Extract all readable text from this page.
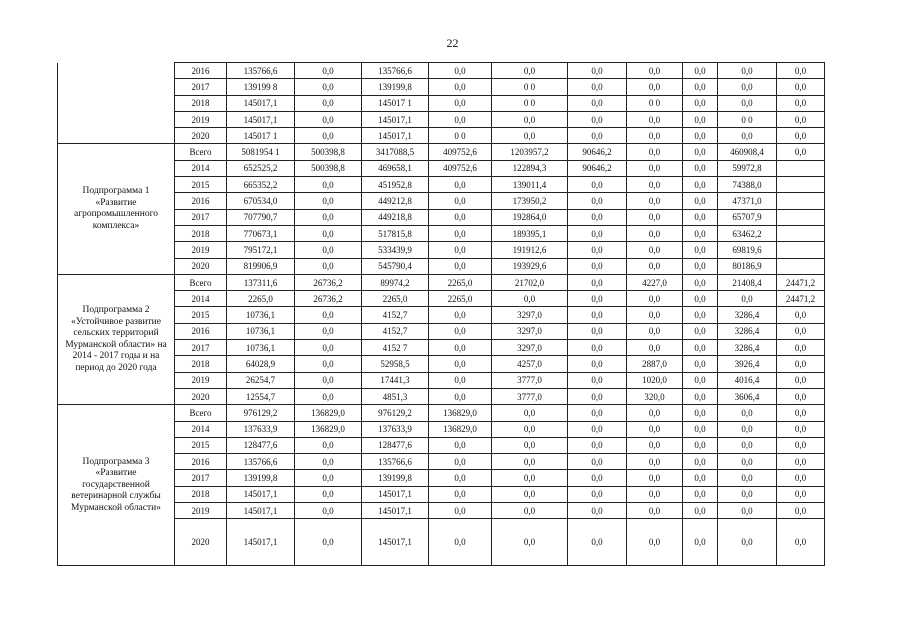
22
	2016	135766,6	0,0	135766,6	0,0	0,0	0,0	0,0	0,0	0,0	0,0
	2017	139199 8	0,0	139199,8	0,0	0 0	0,0	0,0	0,0	0,0	0,0
	2018	145017,1	0,0	145017 1	0,0	0 0	0,0	0 0	0,0	0,0	0,0
	2019	145017,1	0,0	145017,1	0,0	0,0	0,0	0,0	0,0	0 0	0,0
	2020	145017 1	0,0	145017,1	0 0	0,0	0,0	0,0	0,0	0,0	0,0
Подпрограмма 1 «Развитие агропромышленного комплекса»	Всего	5081954 1	500398,8	3417088,5	409752,6	1203957,2	90646,2	0,0	0,0	460908,4	0,0
	2014	652525,2	500398,8	469658,1	409752,6	122894,3	90646,2	0,0	0,0	59972,8	
	2015	665352,2	0,0	451952,8	0,0	139011,4	0,0	0,0	0,0	74388,0	
	2016	670534,0	0,0	449212,8	0,0	173950,2	0,0	0,0	0,0	47371,0	
	2017	707790,7	0,0	449218,8	0,0	192864,0	0,0	0,0	0,0	65707,9	
	2018	770673,1	0,0	517815,8	0,0	189395,1	0,0	0,0	0,0	63462,2	
	2019	795172,1	0,0	533439,9	0,0	191912,6	0,0	0,0	0,0	69819,6	
	2020	819906,9	0,0	545790,4	0,0	193929,6	0,0	0,0	0,0	80186,9	
Подпрограмма 2 «Устойчивое развитие сельских территорий Мурманской области» на 2014 - 2017 годы и на период до 2020 года	Всего	137311,6	26736,2	89974,2	2265,0	21702,0	0,0	4227,0	0,0	21408,4	24471,2
	2014	2265,0	26736,2	2265,0	2265,0	0,0	0,0	0,0	0,0	0,0	24471,2
	2015	10736,1	0,0	4152,7	0,0	3297,0	0,0	0,0	0,0	3286,4	0,0
	2016	10736,1	0,0	4152,7	0,0	3297,0	0,0	0,0	0,0	3286,4	0,0
	2017	10736,1	0,0	4152 7	0,0	3297,0	0,0	0,0	0,0	3286,4	0,0
	2018	64028,9	0,0	52958,5	0,0	4257,0	0,0	2887,0	0,0	3926,4	0,0
	2019	26254,7	0,0	17441,3	0,0	3777,0	0,0	1020,0	0,0	4016,4	0,0
	2020	12554,7	0,0	4851,3	0,0	3777,0	0,0	320,0	0,0	3606,4	0,0
Подпрограмма 3 «Развитие государственной ветеринарной службы Мурманской области»	Всего	976129,2	136829,0	976129,2	136829,0	0,0	0,0	0,0	0,0	0,0	0,0
	2014	137633,9	136829,0	137633,9	136829,0	0,0	0,0	0,0	0,0	0,0	0,0
	2015	128477,6	0,0	128477,6	0,0	0,0	0,0	0,0	0,0	0,0	0,0
	2016	135766,6	0,0	135766,6	0,0	0,0	0,0	0,0	0,0	0,0	0,0
	2017	139199,8	0,0	139199,8	0,0	0,0	0,0	0,0	0,0	0,0	0,0
	2018	145017,1	0,0	145017,1	0,0	0,0	0,0	0,0	0,0	0,0	0,0
	2019	145017,1	0,0	145017,1	0,0	0,0	0,0	0,0	0,0	0,0	0,0
	2020	145017,1	0,0	145017,1	0,0	0,0	0,0	0,0	0,0	0,0	0,0
